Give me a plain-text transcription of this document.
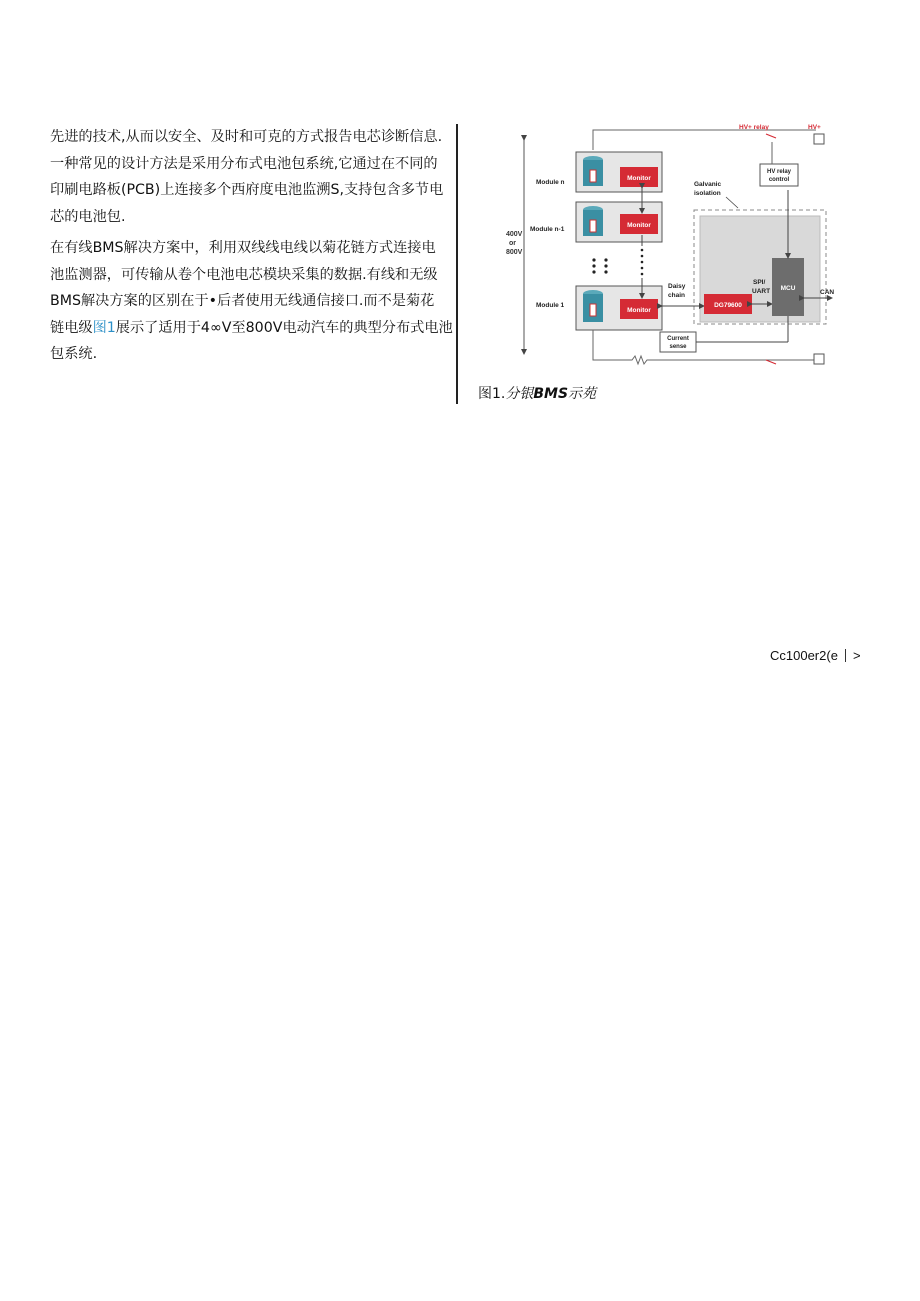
先进的技术,从而以安全、及时和可克的方式报告电芯诊断信息.
一种常见的设计方法是采用分布式电池包系统,它通过在不同的
印刷电路板(PCB)上连接多个西府度电池监溯S,支持包含多节电
芯的电池包.

在有线BMS解决方案中，利用双线线电线以菊花链方式连接电
池监测器，可传输从卷个电池电芯模块采集的数据.有线和无级
BMS解决方案的区别在于•后者使用无线通信接口.而不是菊花
链电级图1展示了适用于4∞V至800V电动汽车的典型分布式电池
包系统.

400V
or
800V
HV+ relay	HV+
HV relay
control
Galvanic
isolation
Module n
Monitor
Module n-1
Monitor
Module 1
Monitor
Daisy
chain
DG79600
SPI/
UART MCU
CAN
Current
sense
图1.分银BMS示苑
Cc100er2(e >
